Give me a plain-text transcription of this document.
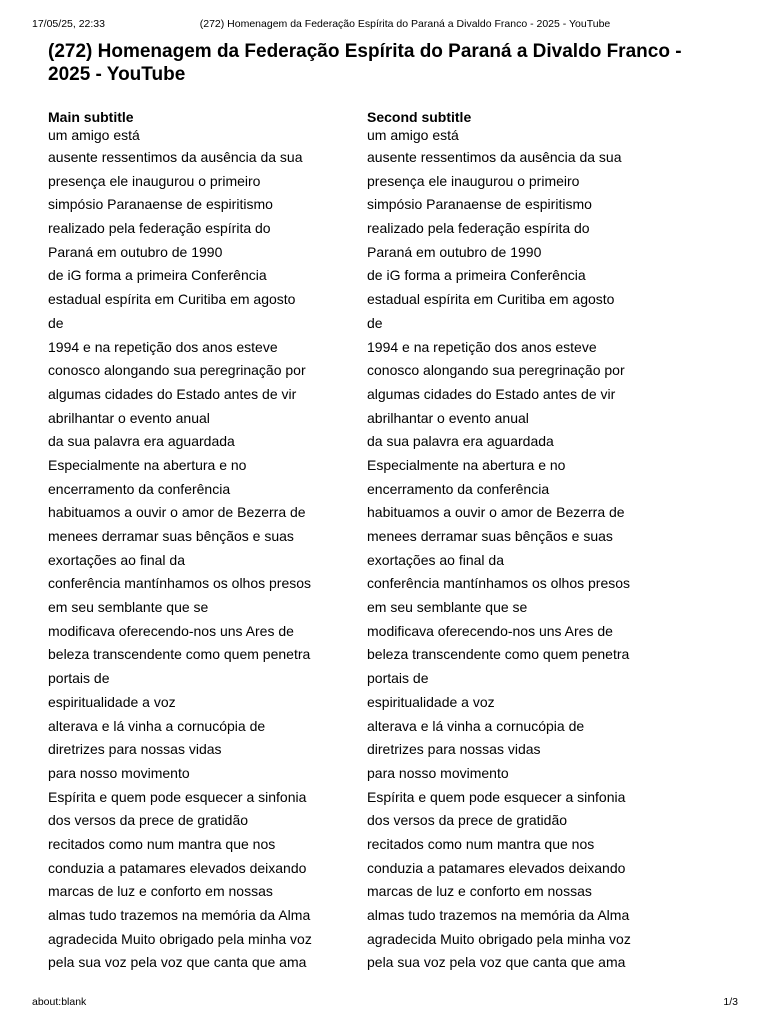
17/05/25, 22:33	(272) Homenagem da Federação Espírita do Paraná a Divaldo Franco - 2025 - YouTube
(272) Homenagem da Federação Espírita do Paraná a Divaldo Franco - 2025 - YouTube
Main subtitle
um amigo está
ausente ressentimos da ausência da sua
presença ele inaugurou o primeiro
simpósio Paranaense de espiritismo
realizado pela federação espírita do
Paraná em outubro de 1990
de iG forma a primeira Conferência
estadual espírita em Curitiba em agosto
de
1994 e na repetição dos anos esteve
conosco alongando sua peregrinação por
algumas cidades do Estado antes de vir
abrilhantar o evento anual
da sua palavra era aguardada
Especialmente na abertura e no
encerramento da conferência
habituamos a ouvir o amor de Bezerra de
menees derramar suas bênçãos e suas
exortações ao final da
conferência mantínhamos os olhos presos
em seu semblante que se
modificava oferecendo-nos uns Ares de
beleza transcendente como quem penetra
portais de
espiritualidade a voz
alterava e lá vinha a cornucópia de
diretrizes para nossas vidas
para nosso movimento
Espírita e quem pode esquecer a sinfonia
dos versos da prece de gratidão
recitados como num mantra que nos
conduzia a patamares elevados deixando
marcas de luz e conforto em nossas
almas tudo trazemos na memória da Alma
agradecida Muito obrigado pela minha voz
pela sua voz pela voz que canta que ama
Second subtitle
um amigo está
ausente ressentimos da ausência da sua
presença ele inaugurou o primeiro
simpósio Paranaense de espiritismo
realizado pela federação espírita do
Paraná em outubro de 1990
de iG forma a primeira Conferência
estadual espírita em Curitiba em agosto
de
1994 e na repetição dos anos esteve
conosco alongando sua peregrinação por
algumas cidades do Estado antes de vir
abrilhantar o evento anual
da sua palavra era aguardada
Especialmente na abertura e no
encerramento da conferência
habituamos a ouvir o amor de Bezerra de
menees derramar suas bênçãos e suas
exortações ao final da
conferência mantínhamos os olhos presos
em seu semblante que se
modificava oferecendo-nos uns Ares de
beleza transcendente como quem penetra
portais de
espiritualidade a voz
alterava e lá vinha a cornucópia de
diretrizes para nossas vidas
para nosso movimento
Espírita e quem pode esquecer a sinfonia
dos versos da prece de gratidão
recitados como num mantra que nos
conduzia a patamares elevados deixando
marcas de luz e conforto em nossas
almas tudo trazemos na memória da Alma
agradecida Muito obrigado pela minha voz
pela sua voz pela voz que canta que ama
about:blank	1/3
